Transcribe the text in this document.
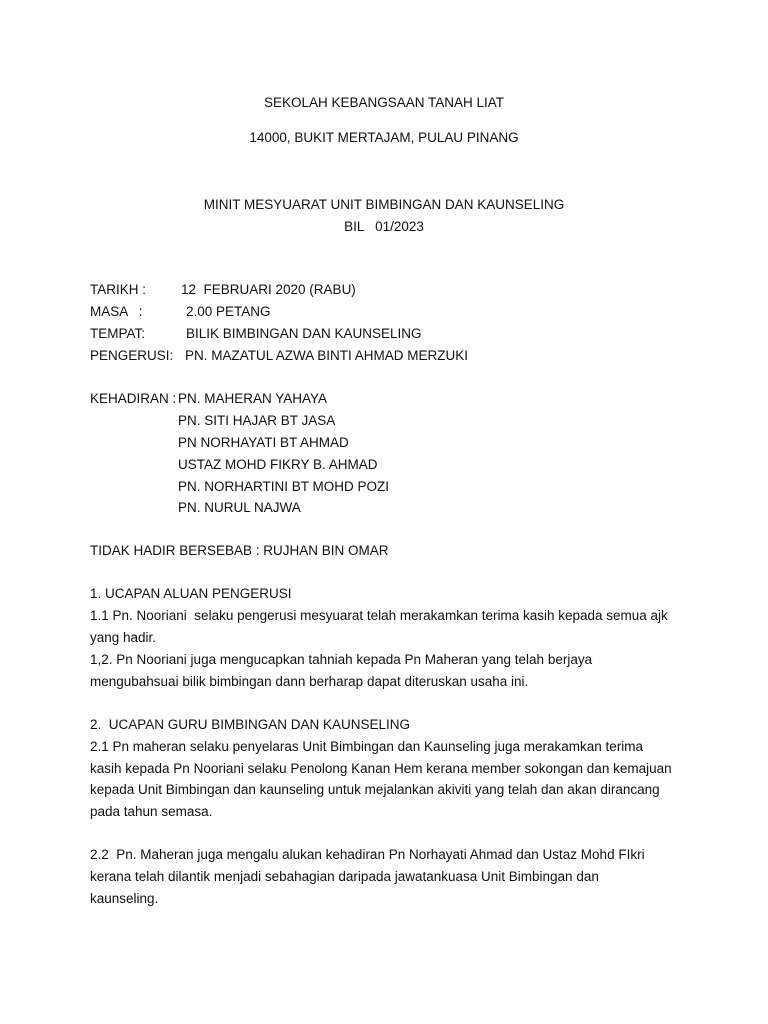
SEKOLAH KEBANGSAAN TANAH LIAT
14000, BUKIT MERTAJAM, PULAU PINANG
MINIT MESYUARAT UNIT BIMBINGAN DAN KAUNSELING
BIL   01/2023
TARIKH :	12  FEBRUARI 2020 (RABU)
MASA   :	2.00 PETANG
TEMPAT:	BILIK BIMBINGAN DAN KAUNSELING
PENGERUSI: PN. MAZATUL AZWA BINTI AHMAD MERZUKI
KEHADIRAN : PN. MAHERAN YAHAYA
PN. SITI HAJAR BT JASA
PN NORHAYATI BT AHMAD
USTAZ MOHD FIKRY B. AHMAD
PN. NORHARTINI BT MOHD POZI
PN. NURUL NAJWA
TIDAK HADIR BERSEBAB : RUJHAN BIN OMAR
1. UCAPAN ALUAN PENGERUSI
1.1 Pn. Nooriani  selaku pengerusi mesyuarat telah merakamkan terima kasih kepada semua ajk
yang hadir.
1,2. Pn Nooriani juga mengucapkan tahniah kepada Pn Maheran yang telah berjaya
mengubahsuai bilik bimbingan dann berharap dapat diteruskan usaha ini.
2.  UCAPAN GURU BIMBINGAN DAN KAUNSELING
2.1 Pn maheran selaku penyelaras Unit Bimbingan dan Kaunseling juga merakamkan terima
kasih kepada Pn Nooriani selaku Penolong Kanan Hem kerana member sokongan dan kemajuan
kepada Unit Bimbingan dan kaunseling untuk mejalankan akiviti yang telah dan akan dirancang
pada tahun semasa.
2.2  Pn. Maheran juga mengalu alukan kehadiran Pn Norhayati Ahmad dan Ustaz Mohd FIkri
kerana telah dilantik menjadi sebahagian daripada jawatankuasa Unit Bimbingan dan
kaunseling.
